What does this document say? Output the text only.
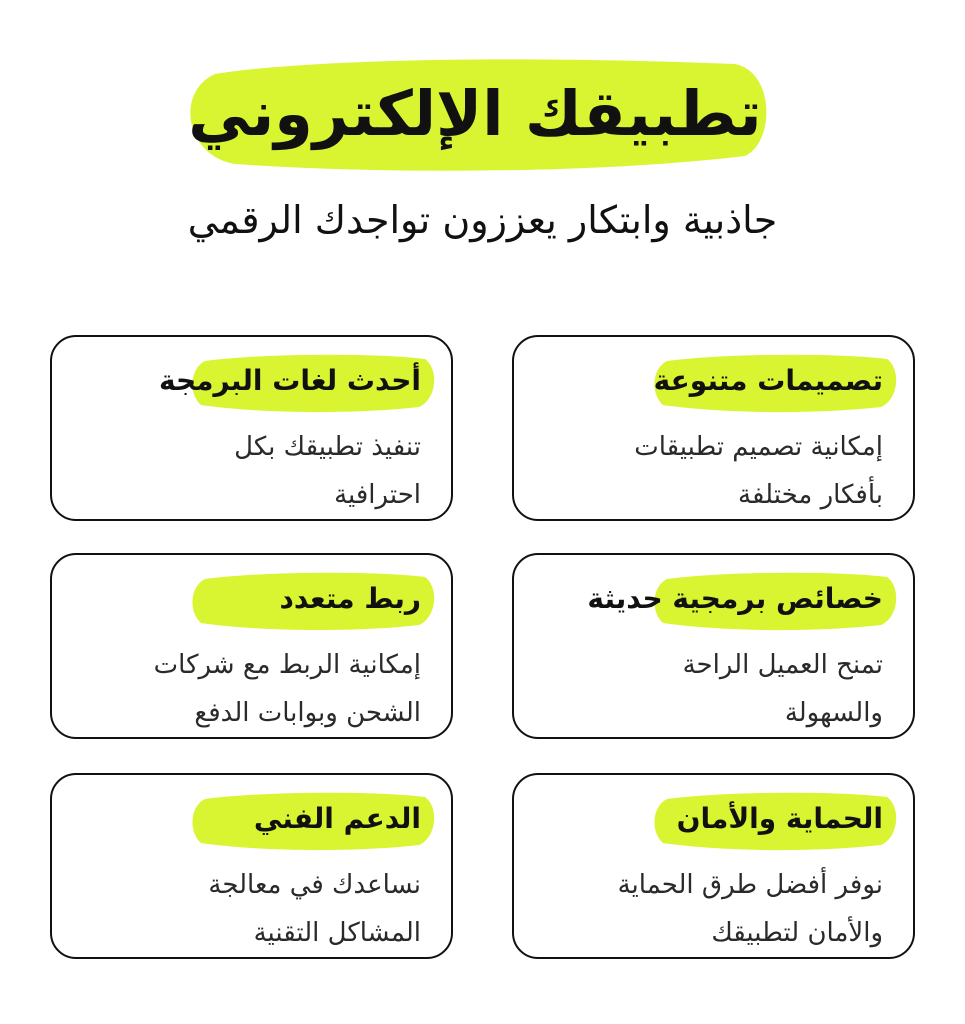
تطبيقك الإلكتروني
جاذبية وابتكار يعززون تواجدك الرقمي
تصميمات متنوعة
إمكانية تصميم تطبيقات
بأفكار مختلفة
أحدث لغات البرمجة
تنفيذ تطبيقك بكل
احترافية
خصائص برمجية حديثة
تمنح العميل الراحة
والسهولة
ربط متعدد
إمكانية الربط مع شركات
الشحن وبوابات الدفع
الحماية والأمان
نوفر أفضل طرق الحماية
والأمان لتطبيقك
الدعم الفني
نساعدك في معالجة
المشاكل التقنية
